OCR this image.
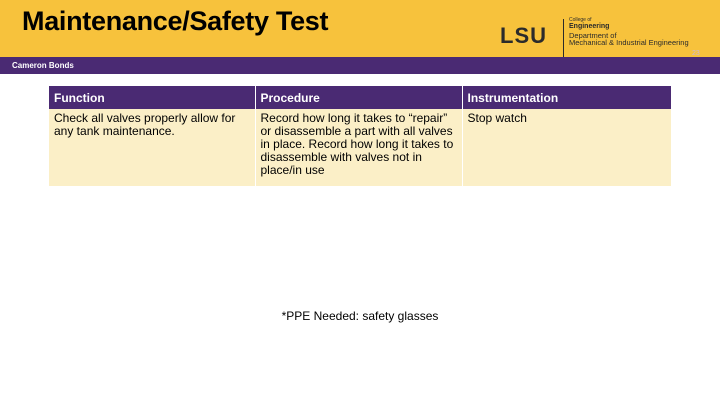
Maintenance/Safety Test	LSU
College of
Engineering
Department of
Mechanical & Industrial Engineering
23
Cameron Bonds
Function	Procedure	Instrumentation
Check all valves properly allow for any tank maintenance.	Record how long it takes to “repair” or disassemble a part with all valves in place. Record how long it takes to disassemble with valves not in place/in use	Stop watch
*PPE Needed: safety glasses
